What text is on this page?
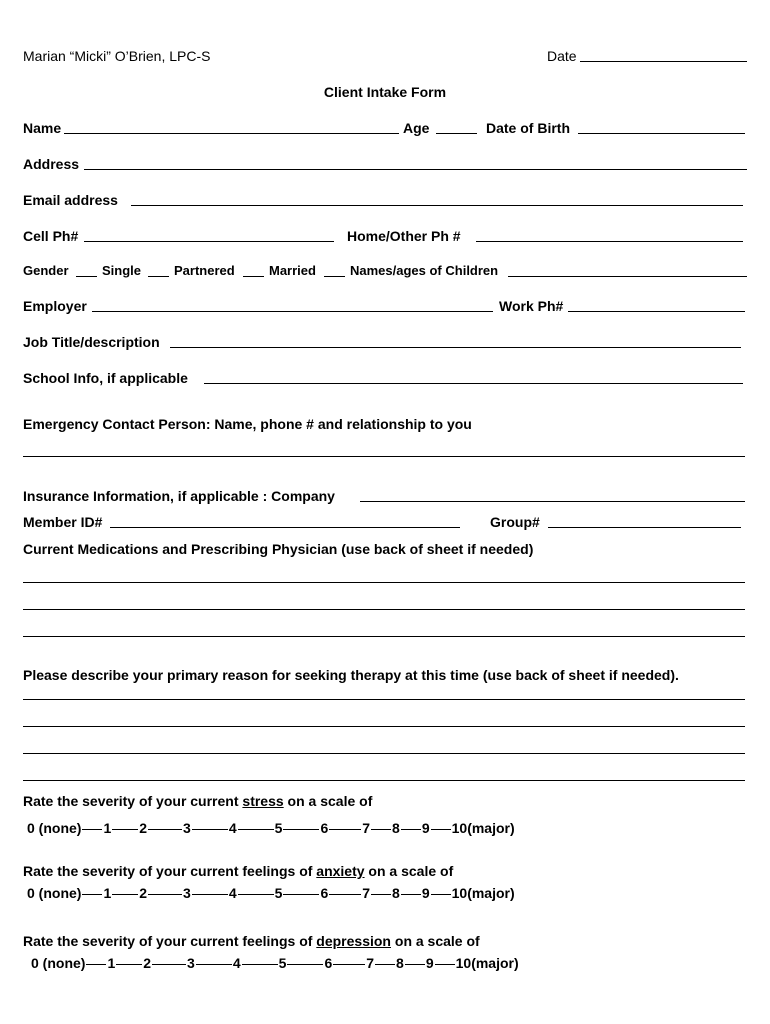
Marian “Micki” O’Brien, LPC-S	Date
Client Intake Form
Name	Age	Date of Birth
Address
Email address
Cell Ph#	Home/Other Ph #
Gender	Single	Partnered	Married	Names/ages of Children
Employer	Work Ph#
Job Title/description
School Info, if applicable
Emergency Contact Person: Name, phone # and relationship to you
Insurance Information, if applicable : Company
Member ID#	Group#
Current Medications and Prescribing Physician (use back of sheet if needed)
Please describe your primary reason for seeking therapy at this time (use back of sheet if needed).
Rate the severity of your current stress on a scale of
0 (none) 1 2	3	4	5	6 7 8 9 10(major)
Rate the severity of your current feelings of anxiety on a scale of
0 (none) 1 2	3	4	5	6 7 8 9 10(major)
Rate the severity of your current feelings of depression on a scale of
0 (none) 1 2	3	4	5	6 7 8 9 10(major)
